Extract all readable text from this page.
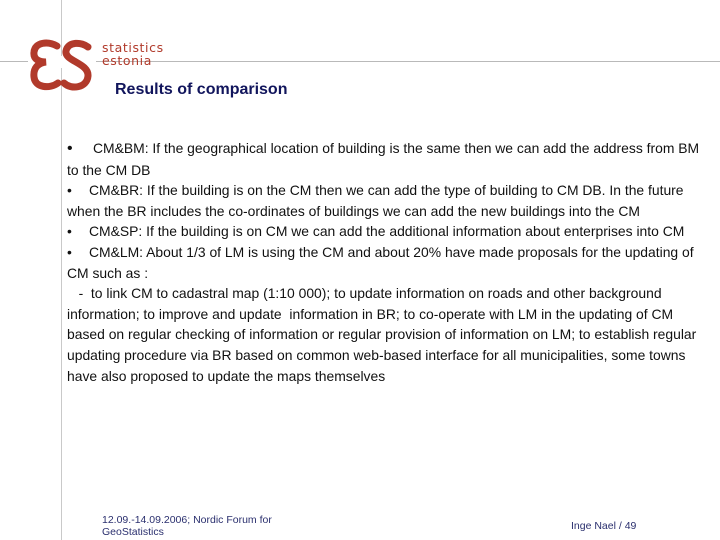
statistics
estonia
Results of comparison

• CM&BM: If the geographical location of building is the same then we can add the address from BM to the CM DB

• CM&BR: If the building is on the CM then we can add the type of building to CM DB. In the future when the BR includes the co-ordinates of buildings we can add the new buildings into the CM

• CM&SP: If the building is on CM we can add the additional information about enterprises into CM

• CM&LM: About 1/3 of LM is using the CM and about 20% have made proposals for the updating of CM such as :

-  to link CM to cadastral map (1:10 000); to update information on roads and other background information; to improve and update  information in BR; to co-operate with LM in the updating of CM based on regular checking of information or regular provision of information on LM; to establish regular updating procedure via BR based on common web-based interface for all municipalities, some towns have also proposed to update the maps themselves

12.09.-14.09.2006; Nordic Forum for
GeoStatistics	Inge Nael / 49
